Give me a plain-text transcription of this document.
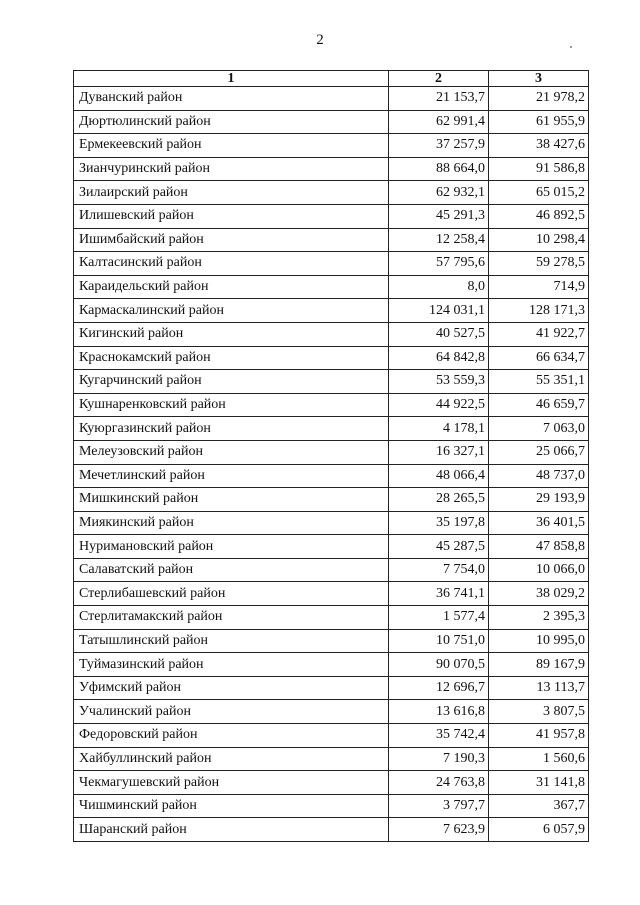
2
1	2	3
Дуванский район	21 153,7	21 978,2
Дюртюлинский район	62 991,4	61 955,9
Ермекеевский район	37 257,9	38 427,6
Зианчуринский район	88 664,0	91 586,8
Зилаирский район	62 932,1	65 015,2
Илишевский район	45 291,3	46 892,5
Ишимбайский район	12 258,4	10 298,4
Калтасинский район	57 795,6	59 278,5
Караидельский район	8,0	714,9
Кармаскалинский район	124 031,1	128 171,3
Кигинский район	40 527,5	41 922,7
Краснокамский район	64 842,8	66 634,7
Кугарчинский район	53 559,3	55 351,1
Кушнаренковский район	44 922,5	46 659,7
Куюргазинский район	4 178,1	7 063,0
Мелеузовский район	16 327,1	25 066,7
Мечетлинский район	48 066,4	48 737,0
Мишкинский район	28 265,5	29 193,9
Миякинский район	35 197,8	36 401,5
Нуримановский район	45 287,5	47 858,8
Салаватский район	7 754,0	10 066,0
Стерлибашевский район	36 741,1	38 029,2
Стерлитамакский район	1 577,4	2 395,3
Татышлинский район	10 751,0	10 995,0
Туймазинский район	90 070,5	89 167,9
Уфимский район	12 696,7	13 113,7
Учалинский район	13 616,8	3 807,5
Федоровский район	35 742,4	41 957,8
Хайбуллинский район	7 190,3	1 560,6
Чекмагушевский район	24 763,8	31 141,8
Чишминский район	3 797,7	367,7
Шаранский район	7 623,9	6 057,9
